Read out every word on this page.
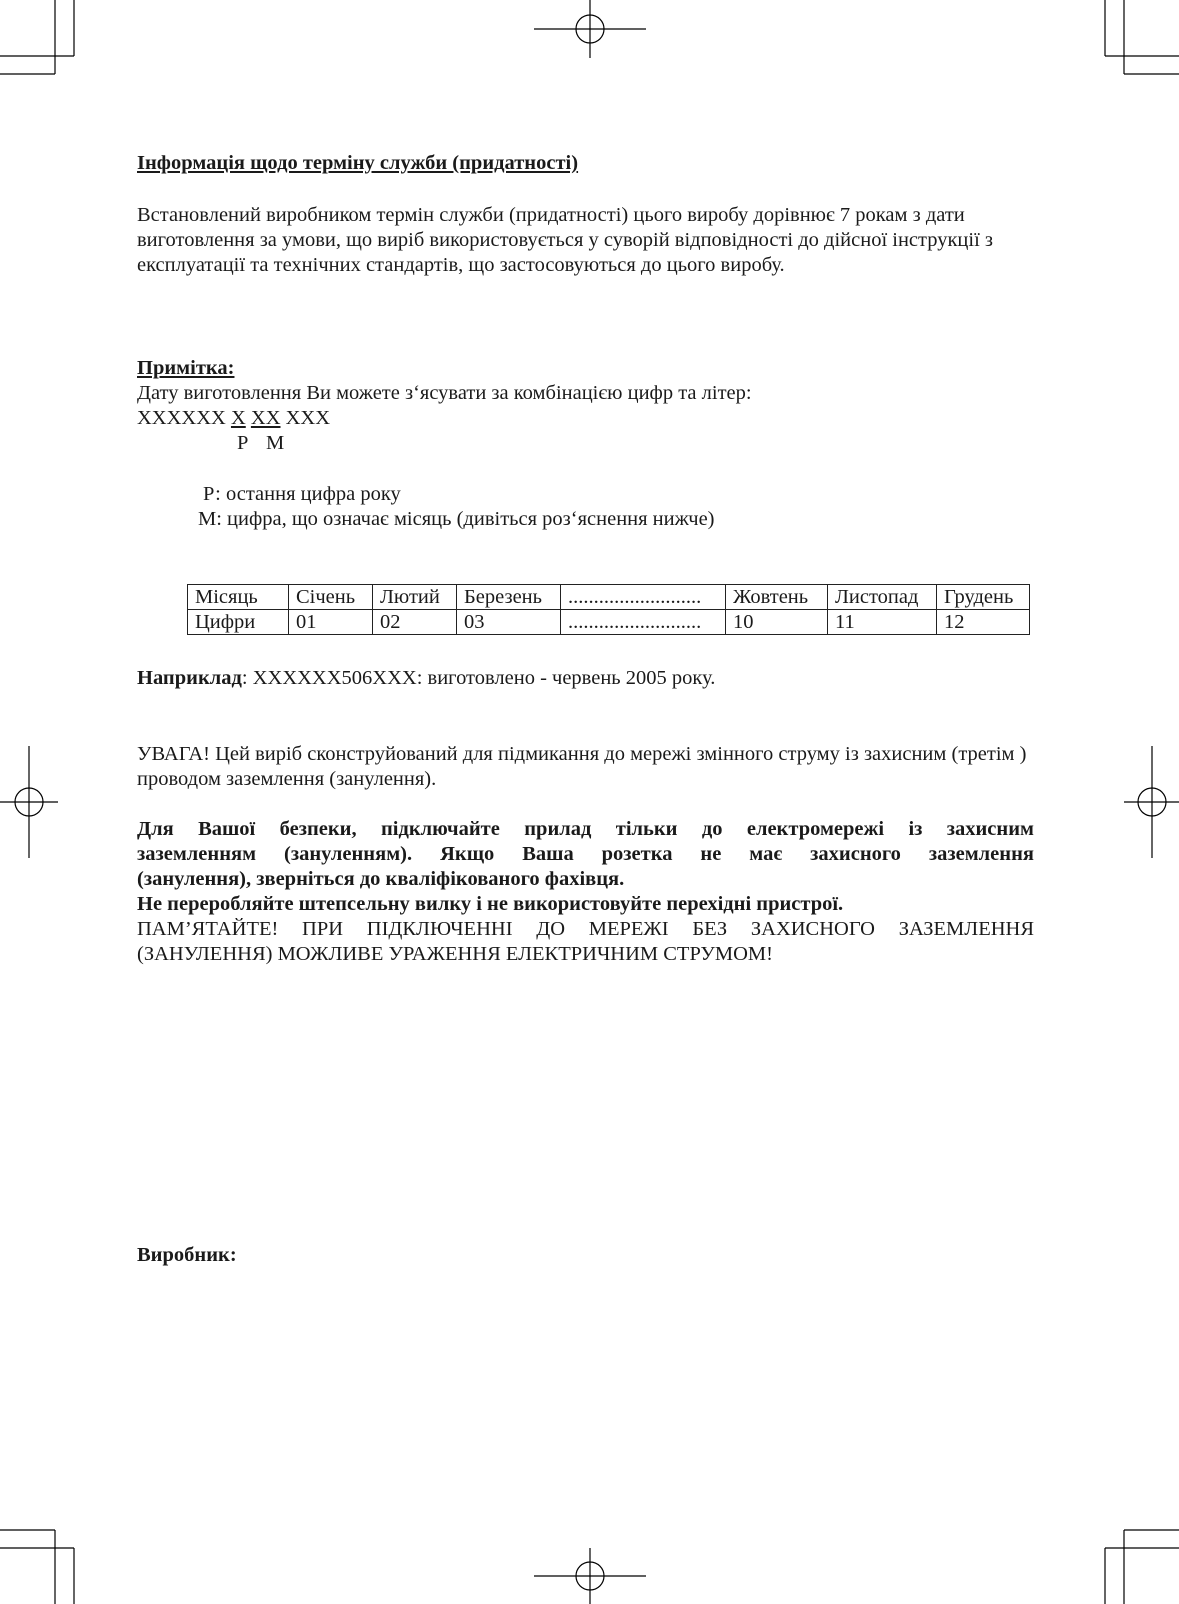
Інформація щодо терміну служби (придатності)

Встановлений виробником термін служби (придатності) цього виробу дорівнює 7 рокам з дати виготовлення за умови, що виріб використовується у суворій відповідності до дійсної інструкції з експлуатації та технічних стандартів, що застосовуються до цього виробу.

Примітка:

Дату виготовлення Ви можете з‘ясувати за комбінацією цифр та літер:

XXXXXX X XX XXX

Р М

Р: остання цифра року

М: цифра, що означає місяць (дивіться роз‘яснення нижче)

Місяць	Січень	Лютий	Березень	..........................	Жовтень	Листопад	Грудень
Цифри	01	02	03	..........................	10	11	12

Наприклад: XXXXXX506XXX: виготовлено - червень 2005 року.

УВАГА! Цей виріб сконструйований для підмикання до мережі змінного струму із захисним (третім ) проводом заземлення (занулення).

Для Вашої безпеки, підключайте прилад тільки до електромережі із захисним
заземленням (зануленням). Якщо Ваша розетка не має захисного заземлення
(занулення), зверніться до кваліфікованого фахівця.
Не переробляйте штепсельну вилку і не використовуйте перехідні пристрої.
ПАМ’ЯТАЙТЕ! ПРИ ПІДКЛЮЧЕННІ ДО МЕРЕЖІ БЕЗ ЗАХИСНОГО ЗАЗЕМЛЕННЯ
(ЗАНУЛЕННЯ) МОЖЛИВЕ УРАЖЕННЯ ЕЛЕКТРИЧНИМ СТРУМОМ!

Виробник:
